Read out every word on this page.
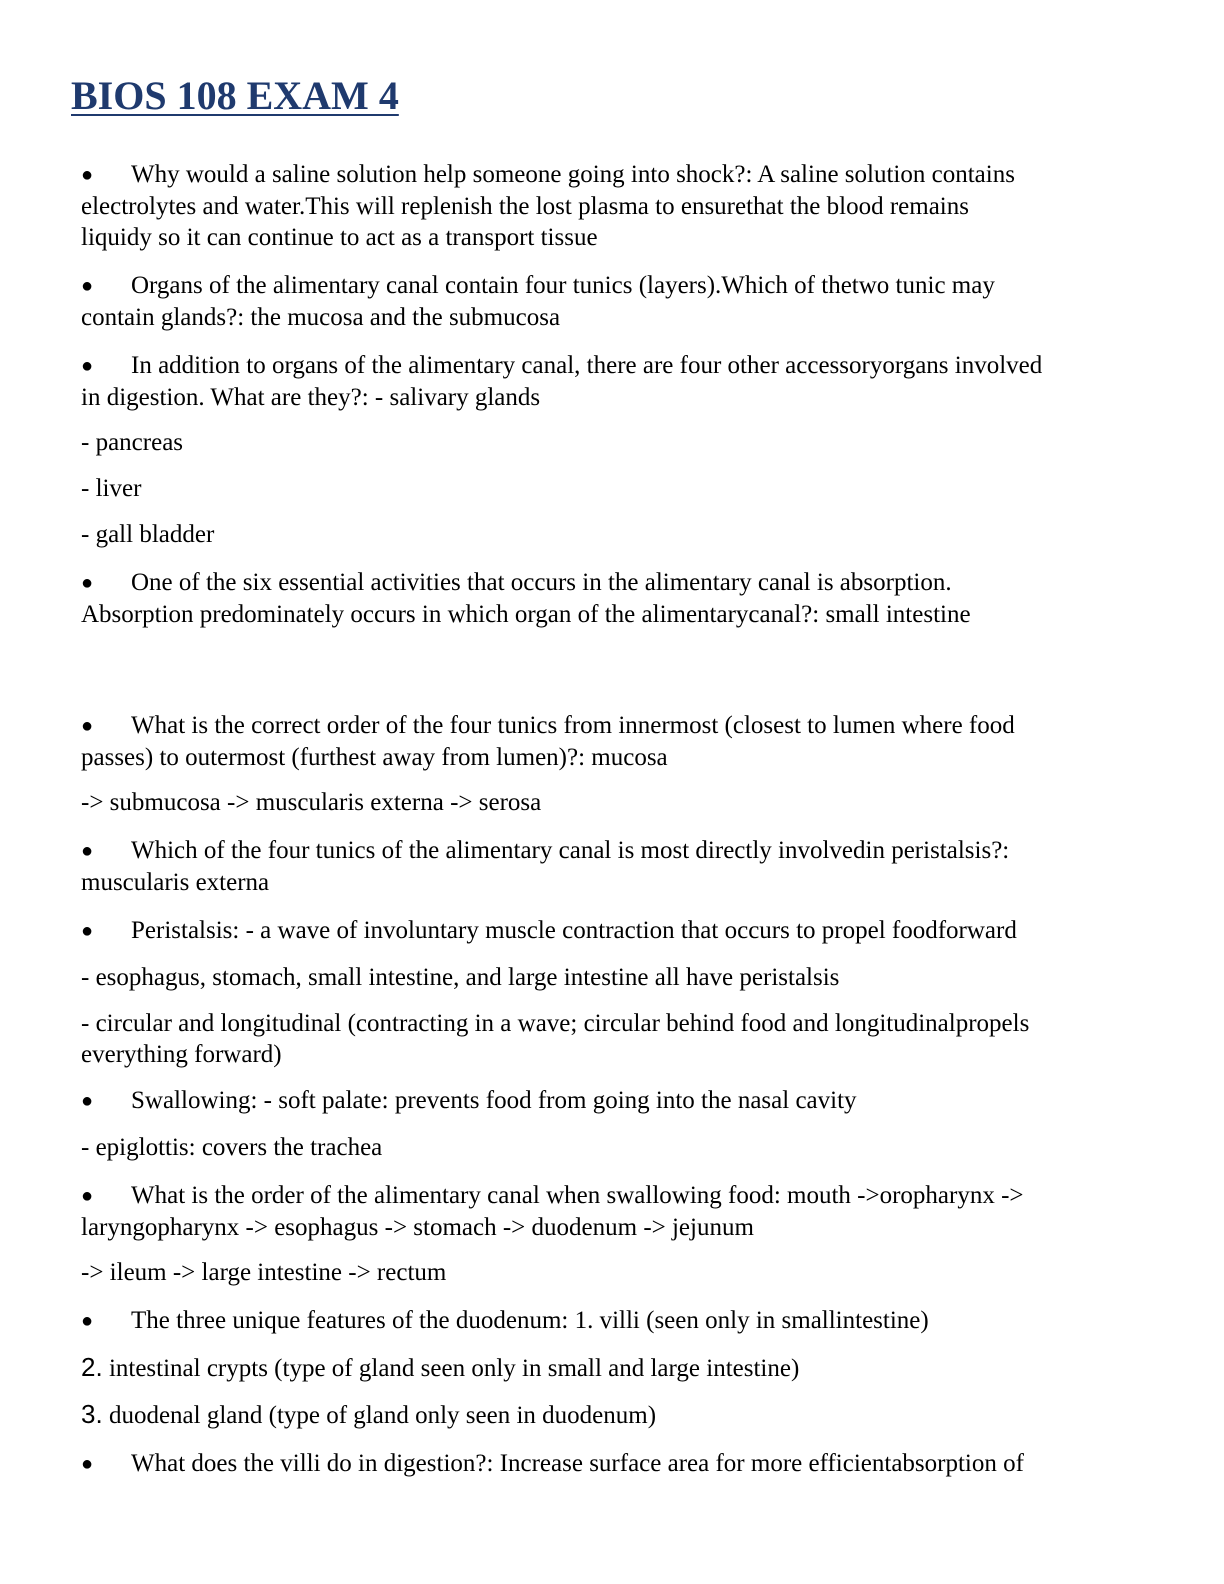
BIOS 108 EXAM 4

● Why would a saline solution help someone going into shock?: A saline solution contains

electrolytes and water.This will replenish the lost plasma to ensurethat the blood remains

liquidy so it can continue to act as a transport tissue

● Organs of the alimentary canal contain four tunics (layers).Which of thetwo tunic may

contain glands?: the mucosa and the submucosa

● In addition to organs of the alimentary canal, there are four other accessoryorgans involved

in digestion. What are they?: - salivary glands

- pancreas

- liver

- gall bladder

● One of the six essential activities that occurs in the alimentary canal is absorption.

Absorption predominately occurs in which organ of the alimentarycanal?: small intestine

● What is the correct order of the four tunics from innermost (closest to lumen where food

passes) to outermost (furthest away from lumen)?: mucosa

-> submucosa -> muscularis externa -> serosa

● Which of the four tunics of the alimentary canal is most directly involvedin peristalsis?:

muscularis externa

● Peristalsis: - a wave of involuntary muscle contraction that occurs to propel foodforward

- esophagus, stomach, small intestine, and large intestine all have peristalsis

- circular and longitudinal (contracting in a wave; circular behind food and longitudinalpropels

everything forward)

● Swallowing: - soft palate: prevents food from going into the nasal cavity

- epiglottis: covers the trachea

● What is the order of the alimentary canal when swallowing food: mouth ->oropharynx ->

laryngopharynx -> esophagus -> stomach -> duodenum -> jejunum

-> ileum -> large intestine -> rectum

● The three unique features of the duodenum: 1. villi (seen only in smallintestine)

2. intestinal crypts (type of gland seen only in small and large intestine)

3. duodenal gland (type of gland only seen in duodenum)

● What does the villi do in digestion?: Increase surface area for more efficientabsorption of
